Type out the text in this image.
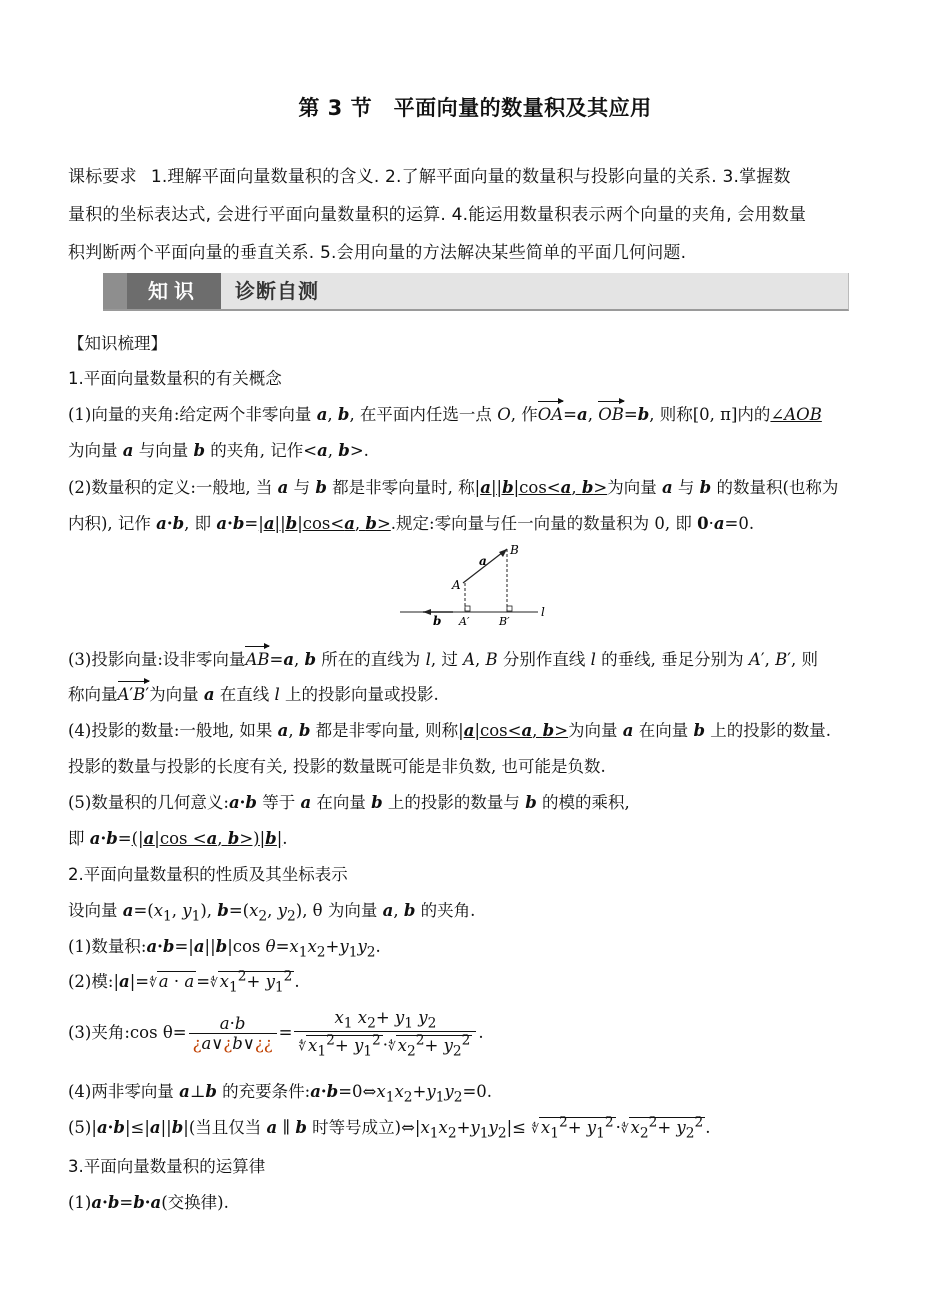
第 3 节　平面向量的数量积及其应用
课标要求 1.理解平面向量数量积的含义. 2.了解平面向量的数量积与投影向量的关系. 3.掌握数
量积的坐标表达式, 会进行平面向量数量积的运算. 4.能运用数量积表示两个向量的夹角, 会用数量
积判断两个平面向量的垂直关系. 5.会用向量的方法解决某些简单的平面几何问题.
知识	诊断自测
【知识梳理】
1.平面向量数量积的有关概念
(1)向量的夹角:给定两个非零向量 a, b, 在平面内任选一点 O, 作OA=a, OB=b, 则称[0, π]内的∠AOB
为向量 a 与向量 b 的夹角, 记作<a, b>.
(2)数量积的定义:一般地, 当 a 与 b 都是非零向量时, 称|a||b|cos<a, b>为向量 a 与 b 的数量积(也称为
内积), 记作 a·b, 即 a·b=|a||b|cos<a, b>.规定:零向量与任一向量的数量积为 0, 即 0·a=0.
A
B
a
b A′	B′
l
(3)投影向量:设非零向量AB=a, b 所在的直线为 l, 过 A, B 分别作直线 l 的垂线, 垂足分别为 A′, B′, 则
称向量A′B′为向量 a 在直线 l 上的投影向量或投影.
(4)投影的数量:一般地, 如果 a, b 都是非零向量, 则称|a|cos<a, b>为向量 a 在向量 b 上的投影的数量.
投影的数量与投影的长度有关, 投影的数量既可能是非负数, 也可能是负数.
(5)数量积的几何意义:a·b 等于 a 在向量 b 上的投影的数量与 b 的模的乘积,
即 a·b=(|a|cos <a, b>)|b|.
2.平面向量数量积的性质及其坐标表示
设向量 $a=(x_1$, $y_1$), $b=(x_2$, $y_2$), θ 为向量 a, b 的夹角.
(1)数量积:a·b=|a||b|cos $\theta=x_1x_2+y_1y_2$.
(2)模:|a|=∜ a · a =∜ $x_1^2+ y_1^2$ .
(3)夹角:cos $\theta= \frac{a\cdot b}{¿a\vee¿b\vee¿¿} = \frac{x_1 x_2+ y_1 y_2}{∜ x_1^2+ y_1^2 \cdot∜ x_2^2+ y_2^2}$ .
(4)两非零向量 a⊥b 的充要条件$:a\cdot b=0\Leftrightarrow x_1x_2+y_1y_2=0$.
(5)|a·b|≤|a||b|(当且仅当 a ∥ b 时等号成立)$\Leftrightarrow|x_1x_2+y_1y_2|\le$ ∜ $x_1^2+ y_1^2$ ·∜ $x_2^2+ y_2^2$ .
3.平面向量数量积的运算律
(1)a·b=b·a(交换律).
